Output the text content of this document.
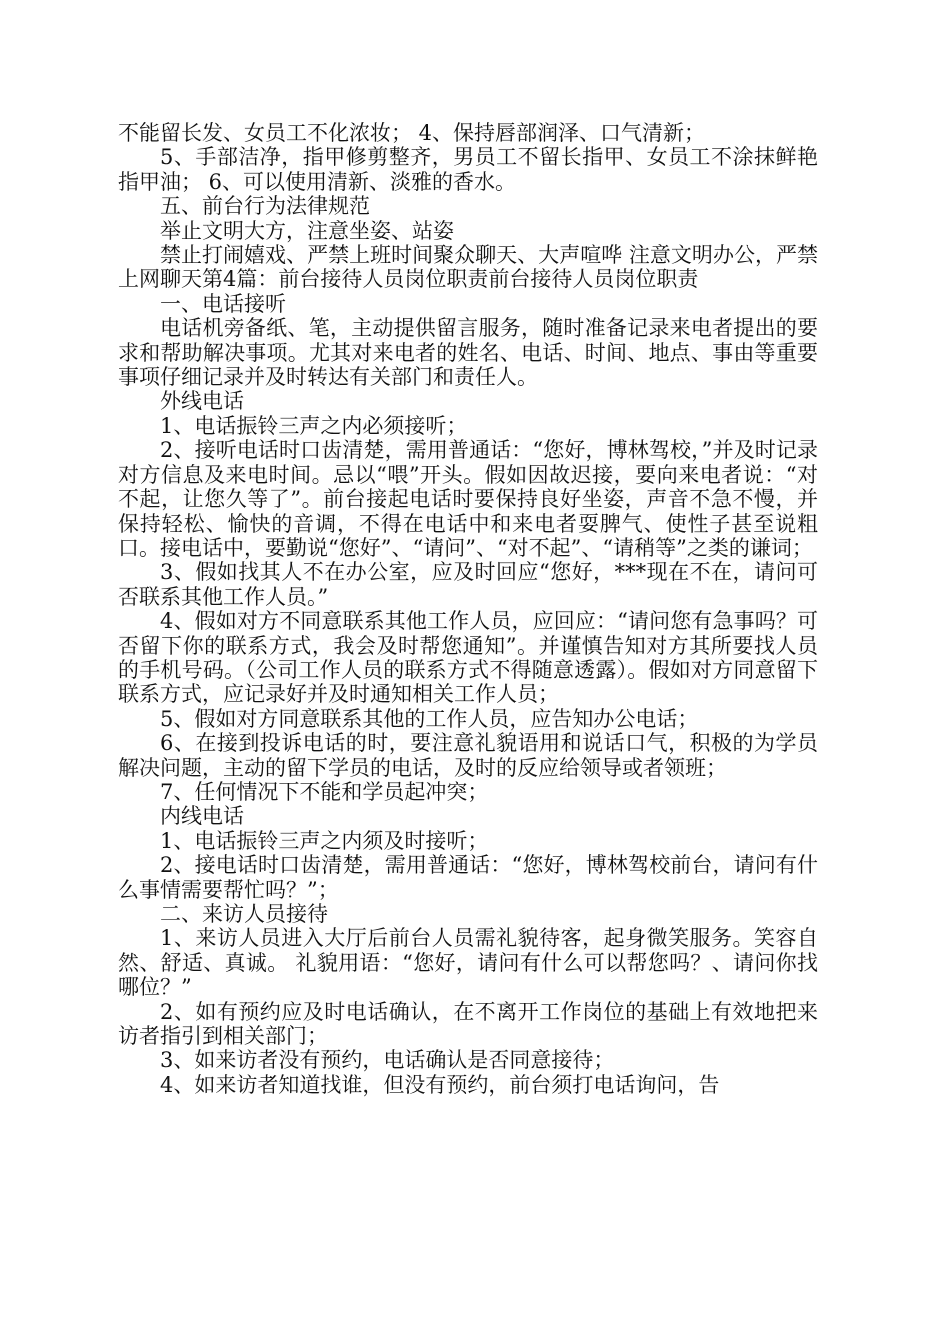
不能留长发、女员工不化浓妆； 4、保持唇部润泽、口气清新；

5、手部洁净，指甲修剪整齐，男员工不留长指甲、女员工不涂抹鲜艳指甲油； 6、可以使用清新、淡雅的香水。

五、前台行为法律规范

举止文明大方，注意坐姿、站姿

禁止打闹嬉戏、严禁上班时间聚众聊天、大声喧哗 注意文明办公，严禁上网聊天第4篇：前台接待人员岗位职责前台接待人员岗位职责

一、电话接听

电话机旁备纸、笔，主动提供留言服务，随时准备记录来电者提出的要求和帮助解决事项。尤其对来电者的姓名、电话、时间、地点、事由等重要事项仔细记录并及时转达有关部门和责任人。

外线电话

1、电话振铃三声之内必须接听；

2、接听电话时口齿清楚，需用普通话：“您好，博林驾校，”并及时记录对方信息及来电时间。忌以“喂”开头。假如因故迟接，要向来电者说：“对不起，让您久等了”。前台接起电话时要保持良好坐姿，声音不急不慢，并保持轻松、愉快的音调，不得在电话中和来电者耍脾气、使性子甚至说粗口。接电话中，要勤说“您好”、“请问”、“对不起”、“请稍等”之类的谦词；

3、假如找其人不在办公室，应及时回应“您好，***现在不在，请问可否联系其他工作人员。”

4、假如对方不同意联系其他工作人员，应回应：“请问您有急事吗？可否留下你的联系方式，我会及时帮您通知”。并谨慎告知对方其所要找人员的手机号码。（公司工作人员的联系方式不得随意透露）。假如对方同意留下联系方式，应记录好并及时通知相关工作人员；

5、假如对方同意联系其他的工作人员，应告知办公电话；

6、在接到投诉电话的时，要注意礼貌语用和说话口气，积极的为学员解决问题，主动的留下学员的电话，及时的反应给领导或者领班；

7、任何情况下不能和学员起冲突；

内线电话

1、电话振铃三声之内须及时接听；

2、接电话时口齿清楚，需用普通话：“您好，博林驾校前台，请问有什么事情需要帮忙吗？”；

二、来访人员接待

1、来访人员进入大厅后前台人员需礼貌待客，起身微笑服务。笑容自然、舒适、真诚。 礼貌用语：“您好，请问有什么可以帮您吗？、请问你找哪位？”

2、如有预约应及时电话确认，在不离开工作岗位的基础上有效地把来访者指引到相关部门；

3、如来访者没有预约，电话确认是否同意接待；

4、如来访者知道找谁，但没有预约，前台须打电话询问，告
